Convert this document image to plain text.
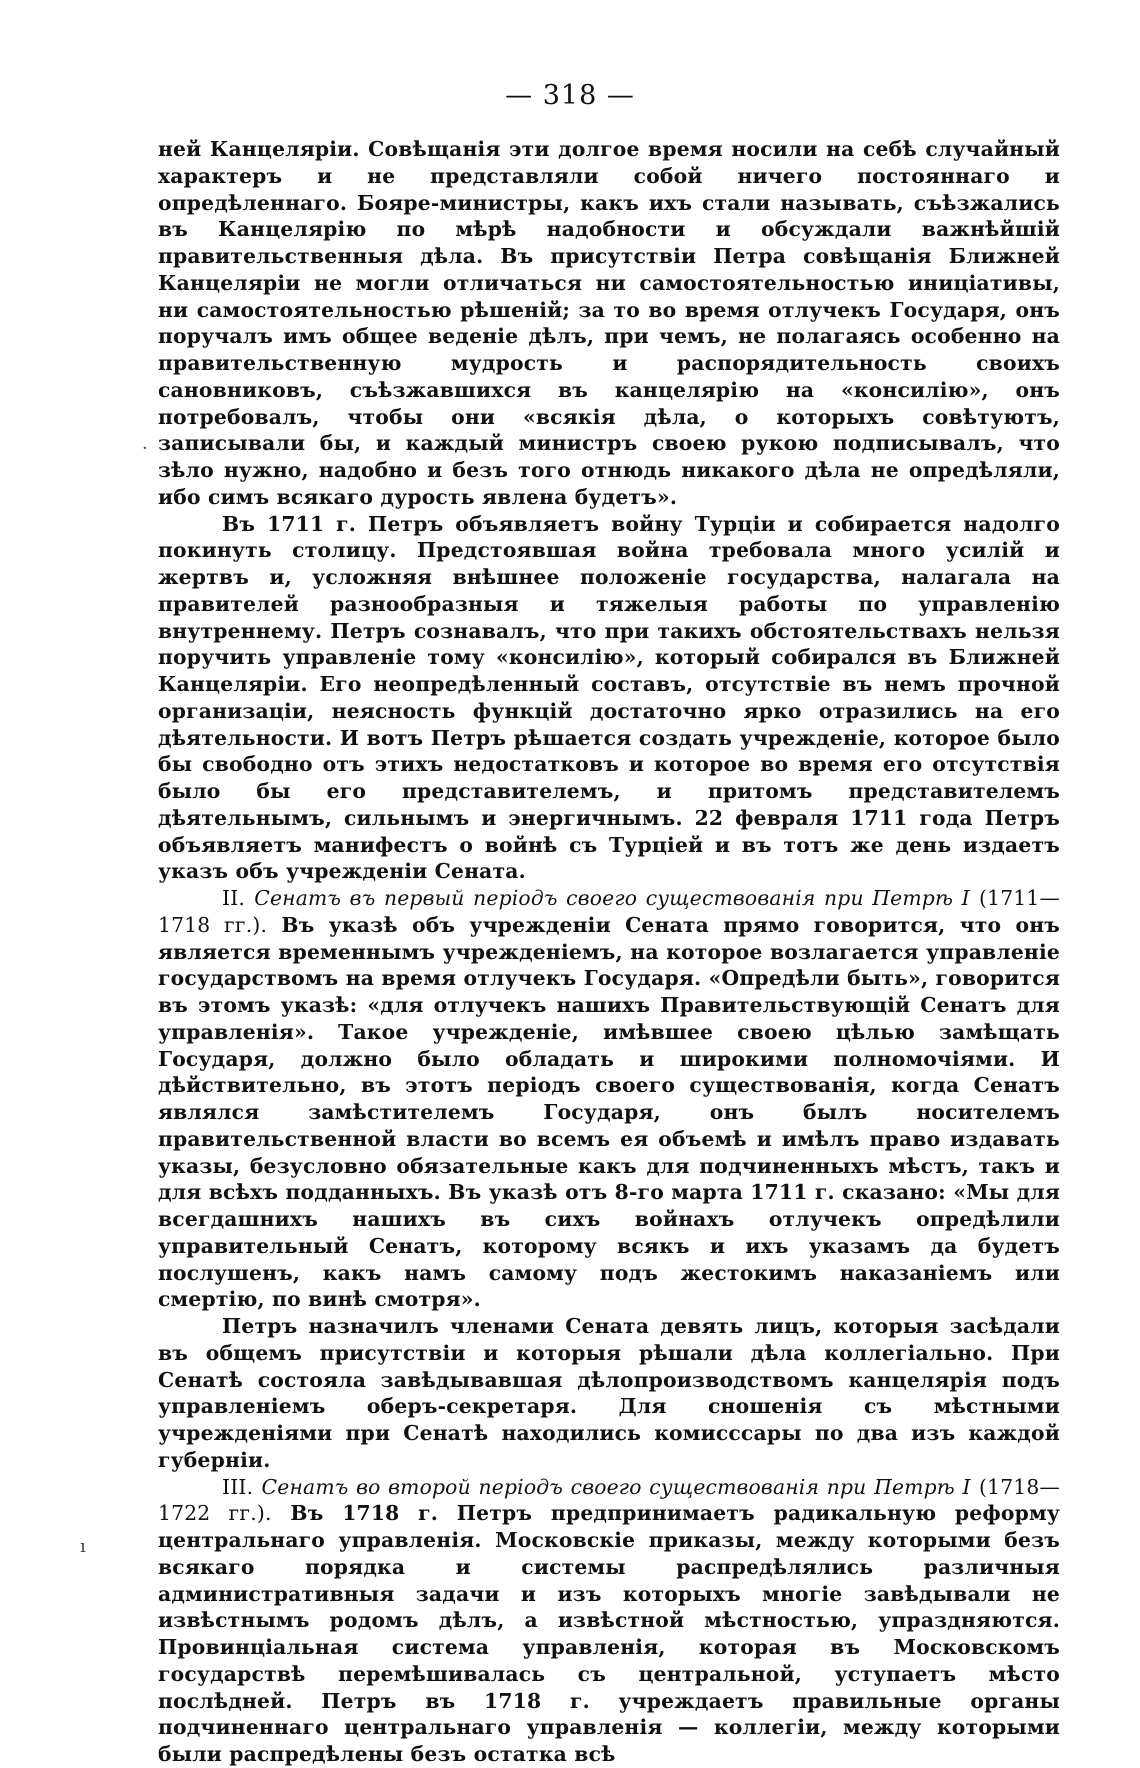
— 318 —

ней Канцеляріи. Совѣщанія эти долгое время носили на себѣ случайный характеръ и не представляли собой ничего постояннаго и опредѣленнаго. Бояре-министры, какъ ихъ стали называть, съѣзжались въ Канцелярію по мѣрѣ надобности и обсуждали важнѣйшій правительственныя дѣла. Въ присутствіи Петра совѣщанія Ближней Канцеляріи не могли отличаться ни самостоятельностью иниціативы, ни самостоятельностью рѣшеній; за то во время отлучекъ Государя, онъ поручалъ имъ общее веденіе дѣлъ, при чемъ, не полагаясь особенно на правительственную мудрость и распорядительность своихъ сановниковъ, съѣзжавшихся въ канцелярію на «консилію», онъ потребовалъ, чтобы они «всякія дѣла, о которыхъ совѣтуютъ, записывали бы, и каждый министръ своею рукою подписывалъ, что зѣло нужно, надобно и безъ того отнюдь никакого дѣла не опредѣляли, ибо симъ всякаго дурость явлена будетъ».

Въ 1711 г. Петръ объявляетъ войну Турціи и собирается надолго покинуть столицу. Предстоявшая война требовала много усилій и жертвъ и, усложняя внѣшнее положеніе государства, налагала на правителей разнообразныя и тяжелыя работы по управленію внутреннему. Петръ сознавалъ, что при такихъ обстоятельствахъ нельзя поручить управленіе тому «консилію», который собирался въ Ближней Канцеляріи. Его неопредѣленный составъ, отсутствіе въ немъ прочной организаціи, неясность функцій достаточно ярко отразились на его дѣятельности. И вотъ Петръ рѣшается создать учрежденіе, которое было бы свободно отъ этихъ недостатковъ и которое во время его отсутствія было бы его представителемъ, и притомъ представителемъ дѣятельнымъ, сильнымъ и энергичнымъ. 22 февраля 1711 года Петръ объявляетъ манифестъ о войнѣ съ Турціей и въ тотъ же день издаетъ указъ объ учрежденіи Сената.

II. Сенатъ въ первый періодъ своего существованія при Петрѣ I (1711—1718 гг.). Въ указѣ объ учрежденіи Сената прямо говорится, что онъ является временнымъ учрежденіемъ, на которое возлагается управленіе государствомъ на время отлучекъ Государя. «Опредѣли быть», говорится въ этомъ указѣ: «для отлучекъ нашихъ Правительствующій Сенатъ для управленія». Такое учрежденіе, имѣвшее своею цѣлью замѣщать Государя, должно было обладать и широкими полномочіями. И дѣйствительно, въ этотъ періодъ своего существованія, когда Сенатъ являлся замѣстителемъ Государя, онъ былъ носителемъ правительственной власти во всемъ ея объемѣ и имѣлъ право издавать указы, безусловно обязательные какъ для подчиненныхъ мѣстъ, такъ и для всѣхъ подданныхъ. Въ указѣ отъ 8-го марта 1711 г. сказано: «Мы для всегдашнихъ нашихъ въ сихъ войнахъ отлучекъ опредѣлили управительный Сенатъ, которому всякъ и ихъ указамъ да будетъ послушенъ, какъ намъ самому подъ жестокимъ наказаніемъ или смертію, по винѣ смотря».

Петръ назначилъ членами Сената девять лицъ, которыя засѣдали въ общемъ присутствіи и которыя рѣшали дѣла коллегіально. При Сенатѣ состояла завѣдывавшая дѣлопроизводствомъ канцелярія подъ управленіемъ оберъ-секретаря. Для сношенія съ мѣстными учрежденіями при Сенатѣ находились комисссары по два изъ каждой губерніи.

III. Сенатъ во второй періодъ своего существованія при Петрѣ I (1718—1722 гг.). Въ 1718 г. Петръ предпринимаетъ радикальную реформу центральнаго управленія. Московскіе приказы, между которыми безъ всякаго порядка и системы распредѣлялись различныя административныя задачи и изъ которыхъ многіе завѣдывали не извѣстнымъ родомъ дѣлъ, а извѣстной мѣстностью, упраздняются. Провинціальная система управленія, которая въ Московскомъ государствѣ перемѣшивалась съ центральной, уступаетъ мѣсто послѣдней. Петръ въ 1718 г. учреждаетъ правильные органы подчиненнаго центральнаго управленія — коллегіи, между которыми были распредѣлены безъ остатка всѣ

·
ı
